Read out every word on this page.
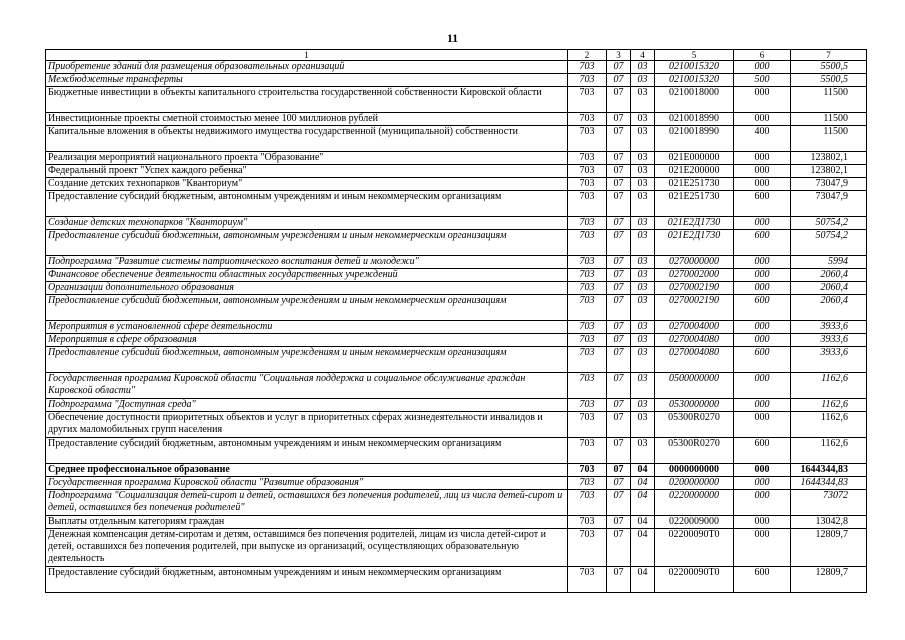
11
1	2	3	4	5	6	7
Приобретение зданий для размещения образовательных организаций	703	07	03	0210015320	000	5500,5
Межбюджетные трансферты	703	07	03	0210015320	500	5500,5
Бюджетные инвестиции в объекты капитального строительства государственной собственности Кировской области	703	07	03	0210018000	000	11500
Инвестиционные проекты сметной стоимостью менее 100 миллионов рублей	703	07	03	0210018990	000	11500
Капитальные вложения в объекты недвижимого имущества государственной (муниципальной) собственности	703	07	03	0210018990	400	11500
Реализация мероприятий национального проекта "Образование"	703	07	03	021E000000	000	123802,1
Федеральный проект "Успех каждого ребенка"	703	07	03	021E200000	000	123802,1
Создание детских технопарков "Кванториум"	703	07	03	021E251730	000	73047,9
Предоставление субсидий бюджетным, автономным учреждениям и иным некоммерческим организациям	703	07	03	021E251730	600	73047,9
Создание детских технопарков "Кванториум"	703	07	03	021E2Д1730	000	50754,2
Предоставление субсидий бюджетным, автономным учреждениям и иным некоммерческим организациям	703	07	03	021E2Д1730	600	50754,2
Подпрограмма "Развитие системы патриотического воспитания детей и молодежи"	703	07	03	0270000000	000	5994
Финансовое обеспечение деятельности областных государственных учреждений	703	07	03	0270002000	000	2060,4
Организации дополнительного образования	703	07	03	0270002190	000	2060,4
Предоставление субсидий бюджетным, автономным учреждениям и иным некоммерческим организациям	703	07	03	0270002190	600	2060,4
Мероприятия в установленной сфере деятельности	703	07	03	0270004000	000	3933,6
Мероприятия в сфере образования	703	07	03	0270004080	000	3933,6
Предоставление субсидий бюджетным, автономным учреждениям и иным некоммерческим организациям	703	07	03	0270004080	600	3933,6
Государственная программа Кировской области "Социальная поддержка и социальное обслуживание граждан Кировской области"	703	07	03	0500000000	000	1162,6
Подпрограмма "Доступная среда"	703	07	03	0530000000	000	1162,6
Обеспечение доступности приоритетных объектов и услуг в приоритетных сферах жизнедеятельности инвалидов и других маломобильных групп населения	703	07	03	05300R0270	000	1162,6
Предоставление субсидий бюджетным, автономным учреждениям и иным некоммерческим организациям	703	07	03	05300R0270	600	1162,6
Среднее профессиональное образование	703	07	04	0000000000	000	1644344,83
Государственная программа Кировской области "Развитие образования"	703	07	04	0200000000	000	1644344,83
Подпрограмма "Социализация детей-сирот и детей, оставшихся без попечения родителей, лиц из числа детей-сирот и детей, оставшихся без попечения родителей"	703	07	04	0220000000	000	73072
Выплаты отдельным категориям граждан	703	07	04	0220009000	000	13042,8
Денежная компенсация детям-сиротам и детям, оставшимся без попечения родителей, лицам из числа детей-сирот и детей, оставшихся без попечения родителей, при выпуске из организаций, осуществляющих образовательную деятельность	703	07	04	02200090Т0	000	12809,7
Предоставление субсидий бюджетным, автономным учреждениям и иным некоммерческим организациям	703	07	04	02200090Т0	600	12809,7
